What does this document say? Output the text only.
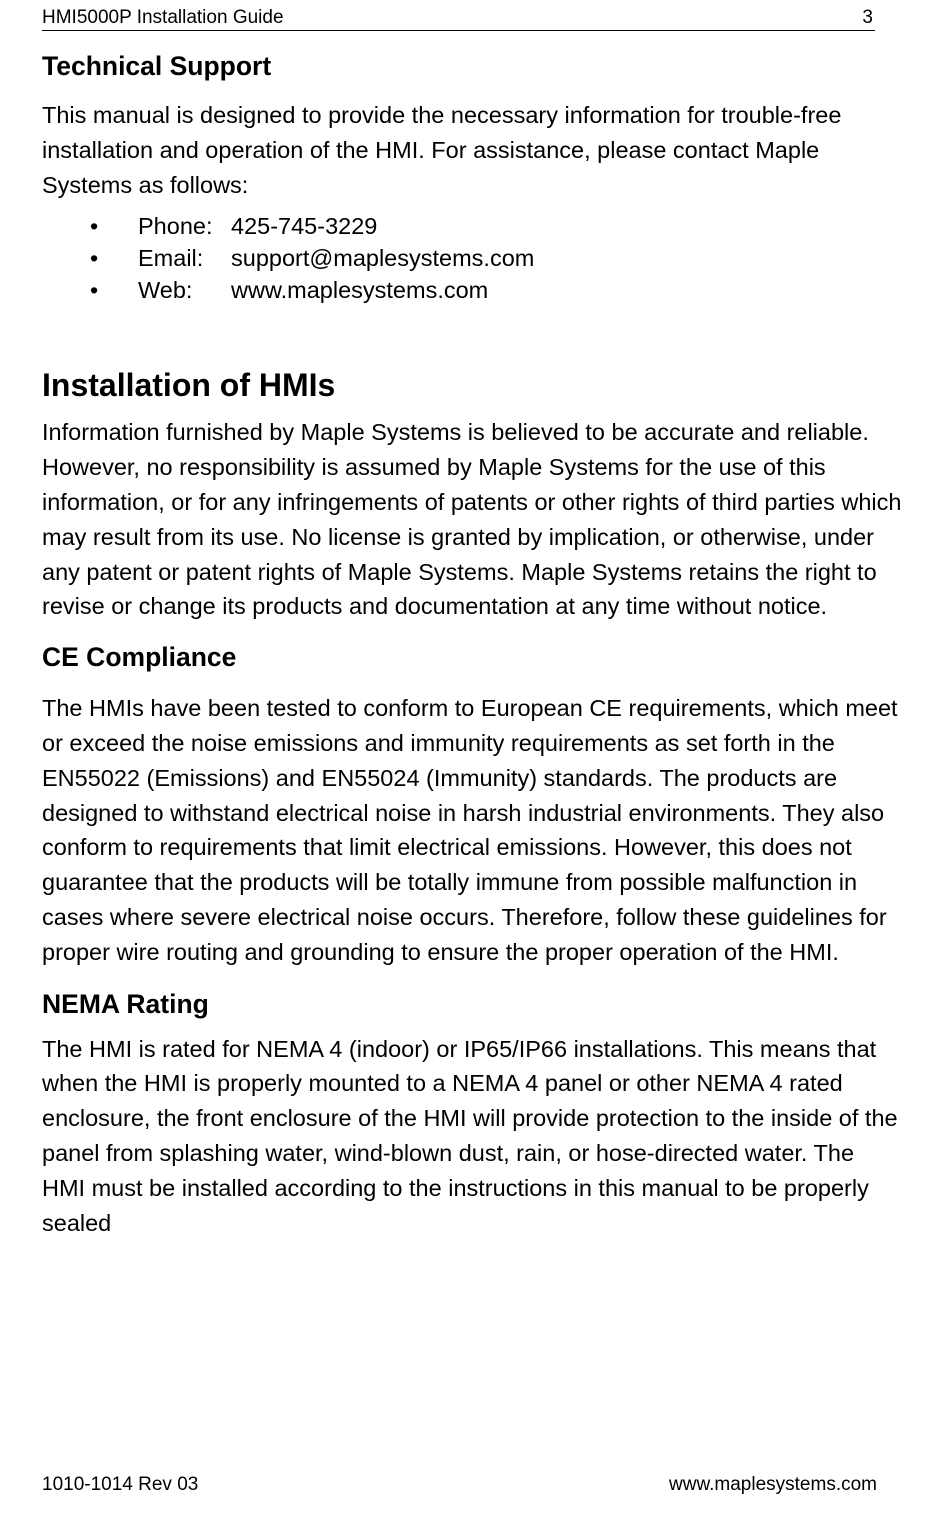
HMI5000P Installation Guide	3
Technical Support

This manual is designed to provide the necessary information for trouble-free installation and operation of the HMI. For assistance, please contact Maple Systems as follows:

• Phone: 425-745-3229
• Email: support@maplesystems.com
• Web: www.maplesystems.com
Installation of HMIs

Information furnished by Maple Systems is believed to be accurate and reliable. However, no responsibility is assumed by Maple Systems for the use of this information, or for any infringements of patents or other rights of third parties which may result from its use. No license is granted by implication, or otherwise, under any patent or patent rights of Maple Systems. Maple Systems retains the right to revise or change its products and documentation at any time without notice.

CE Compliance

The HMIs have been tested to conform to European CE requirements, which meet or exceed the noise emissions and immunity requirements as set forth in the EN55022 (Emissions) and EN55024 (Immunity) standards. The products are designed to withstand electrical noise in harsh industrial environments. They also conform to requirements that limit electrical emissions. However, this does not guarantee that the products will be totally immune from possible malfunction in cases where severe electrical noise occurs. Therefore, follow these guidelines for proper wire routing and grounding to ensure the proper operation of the HMI.

NEMA Rating

The HMI is rated for NEMA 4 (indoor) or IP65/IP66 installations. This means that when the HMI is properly mounted to a NEMA 4 panel or other NEMA 4 rated enclosure, the front enclosure of the HMI will provide protection to the inside of the panel from splashing water, wind-blown dust, rain, or hose-directed water. The HMI must be installed according to the instructions in this manual to be properly sealed

1010-1014 Rev 03	www.maplesystems.com
